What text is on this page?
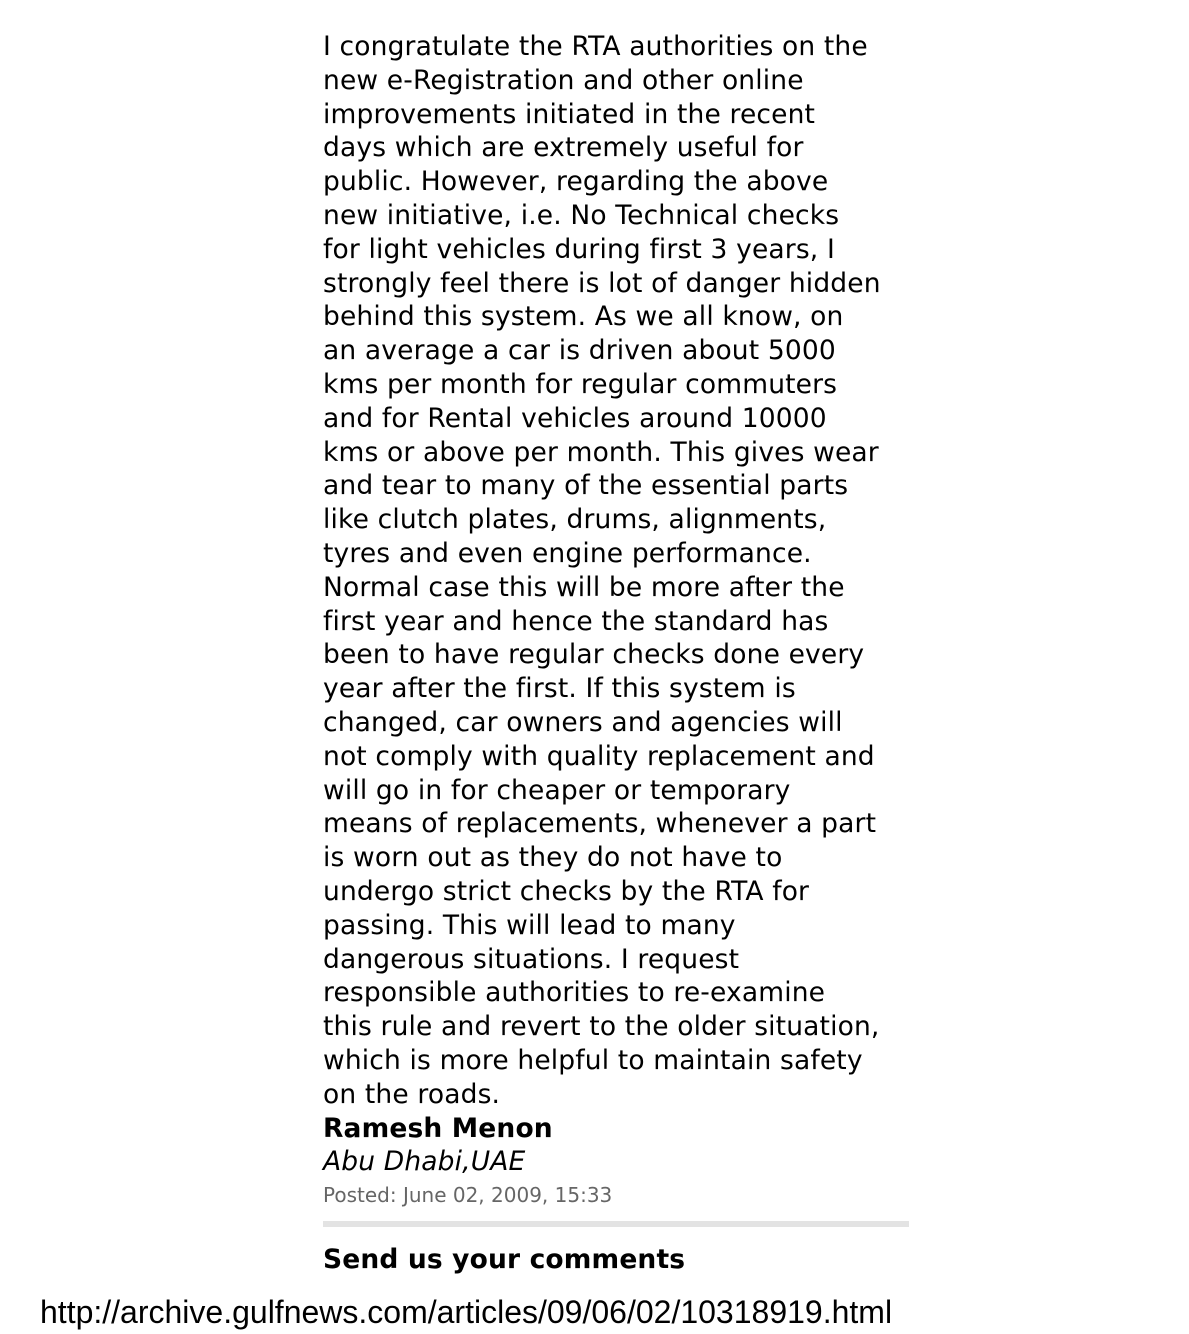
I congratulate the RTA authorities on the
new e-Registration and other online
improvements initiated in the recent
days which are extremely useful for
public. However, regarding the above
new initiative, i.e. No Technical checks
for light vehicles during first 3 years, I
strongly feel there is lot of danger hidden
behind this system. As we all know, on
an average a car is driven about 5000
kms per month for regular commuters
and for Rental vehicles around 10000
kms or above per month. This gives wear
and tear to many of the essential parts
like clutch plates, drums, alignments,
tyres and even engine performance.
Normal case this will be more after the
first year and hence the standard has
been to have regular checks done every
year after the first. If this system is
changed, car owners and agencies will
not comply with quality replacement and
will go in for cheaper or temporary
means of replacements, whenever a part
is worn out as they do not have to
undergo strict checks by the RTA for
passing. This will lead to many
dangerous situations. I request
responsible authorities to re-examine
this rule and revert to the older situation,
which is more helpful to maintain safety
on the roads.

Ramesh Menon

Abu Dhabi,UAE

Posted: June 02, 2009, 15:33

Send us your comments
http://archive.gulfnews.com/articles/09/06/02/10318919.html
